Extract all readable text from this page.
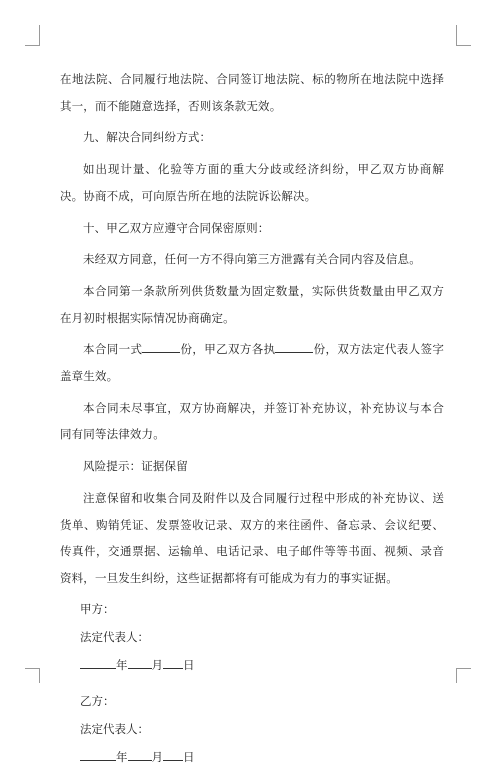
在地法院、合同履行地法院、合同签订地法院、标的物所在地法院中选择其一，而不能随意选择，否则该条款无效。

九、解决合同纠纷方式：

如出现计量、化验等方面的重大分歧或经济纠纷，甲乙双方协商解决。协商不成，可向原告所在地的法院诉讼解决。

十、甲乙双方应遵守合同保密原则：

未经双方同意，任何一方不得向第三方泄露有关合同内容及信息。

本合同第一条款所列供货数量为固定数量，实际供货数量由甲乙双方在月初时根据实际情况协商确定。

本合同一式	份，甲乙双方各执	份，双方法定代表人签字盖章生效。

本合同未尽事宜，双方协商解决，并签订补充协议，补充协议与本合同有同等法律效力。

风险提示：证据保留

注意保留和收集合同及附件以及合同履行过程中形成的补充协议、送货单、购销凭证、发票签收记录、双方的来往函件、备忘录、会议纪要、传真件，交通票据、运输单、电话记录、电子邮件等等书面、视频、录音资料，一旦发生纠纷，这些证据都将有可能成为有力的事实证据。

甲方：

法定代表人：

年 月 日

乙方：

法定代表人：

年 月 日
